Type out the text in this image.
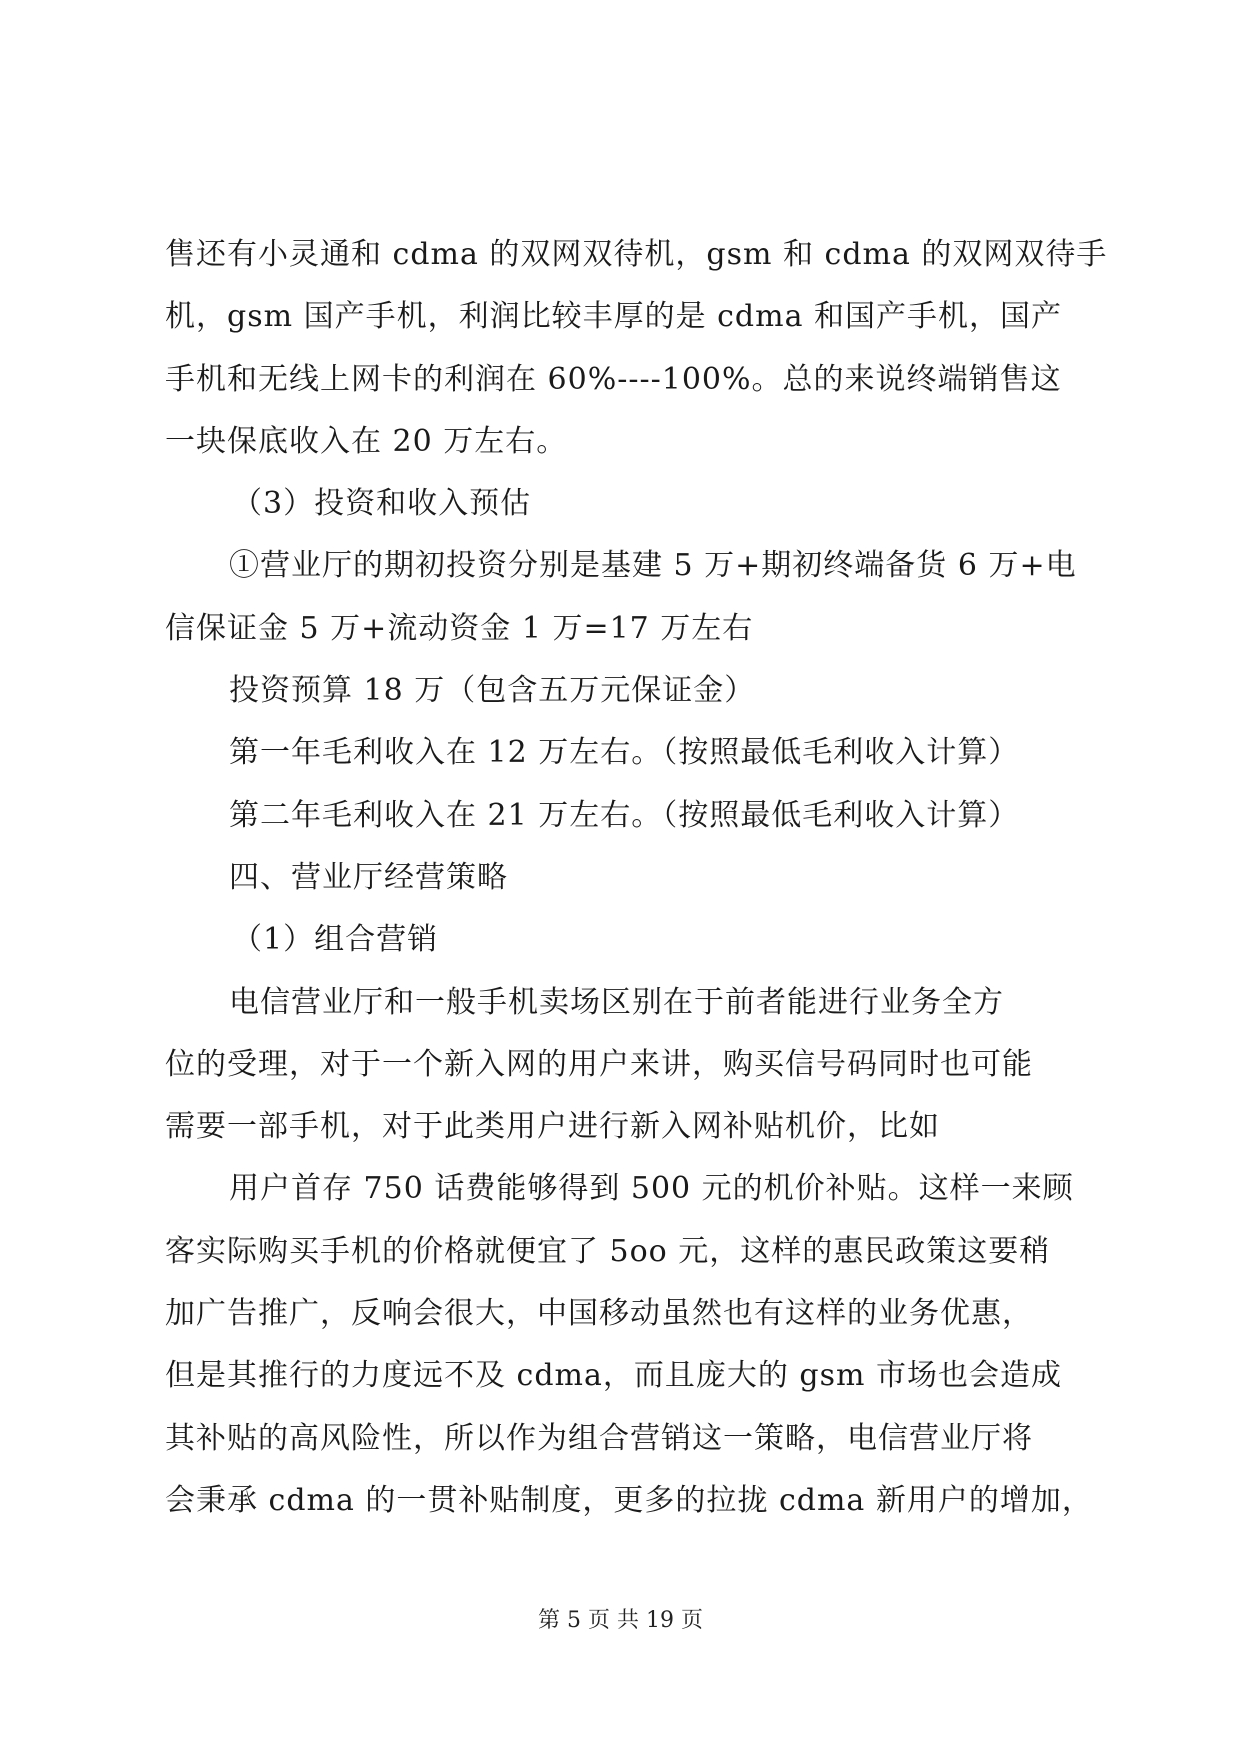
售还有小灵通和 cdma 的双网双待机，gsm 和 cdma 的双网双待手
机，gsm 国产手机，利润比较丰厚的是 cdma 和国产手机，国产
手机和无线上网卡的利润在 60%----100%。总的来说终端销售这
一块保底收入在 20 万左右。
（3）投资和收入预估
①营业厅的期初投资分别是基建 5 万+期初终端备货 6 万+电
信保证金 5 万+流动资金 1 万=17 万左右
投资预算 18 万（包含五万元保证金）
第一年毛利收入在 12 万左右。（按照最低毛利收入计算）
第二年毛利收入在 21 万左右。（按照最低毛利收入计算）
四、营业厅经营策略
（1）组合营销
电信营业厅和一般手机卖场区别在于前者能进行业务全方
位的受理，对于一个新入网的用户来讲，购买信号码同时也可能
需要一部手机，对于此类用户进行新入网补贴机价，比如
用户首存 750 话费能够得到 500 元的机价补贴。这样一来顾
客实际购买手机的价格就便宜了 5oo 元，这样的惠民政策这要稍
加广告推广，反响会很大，中国移动虽然也有这样的业务优惠，
但是其推行的力度远不及 cdma，而且庞大的 gsm 市场也会造成
其补贴的高风险性，所以作为组合营销这一策略，电信营业厅将
会秉承 cdma 的一贯补贴制度，更多的拉拢 cdma 新用户的增加，
第 5 页 共 19 页
